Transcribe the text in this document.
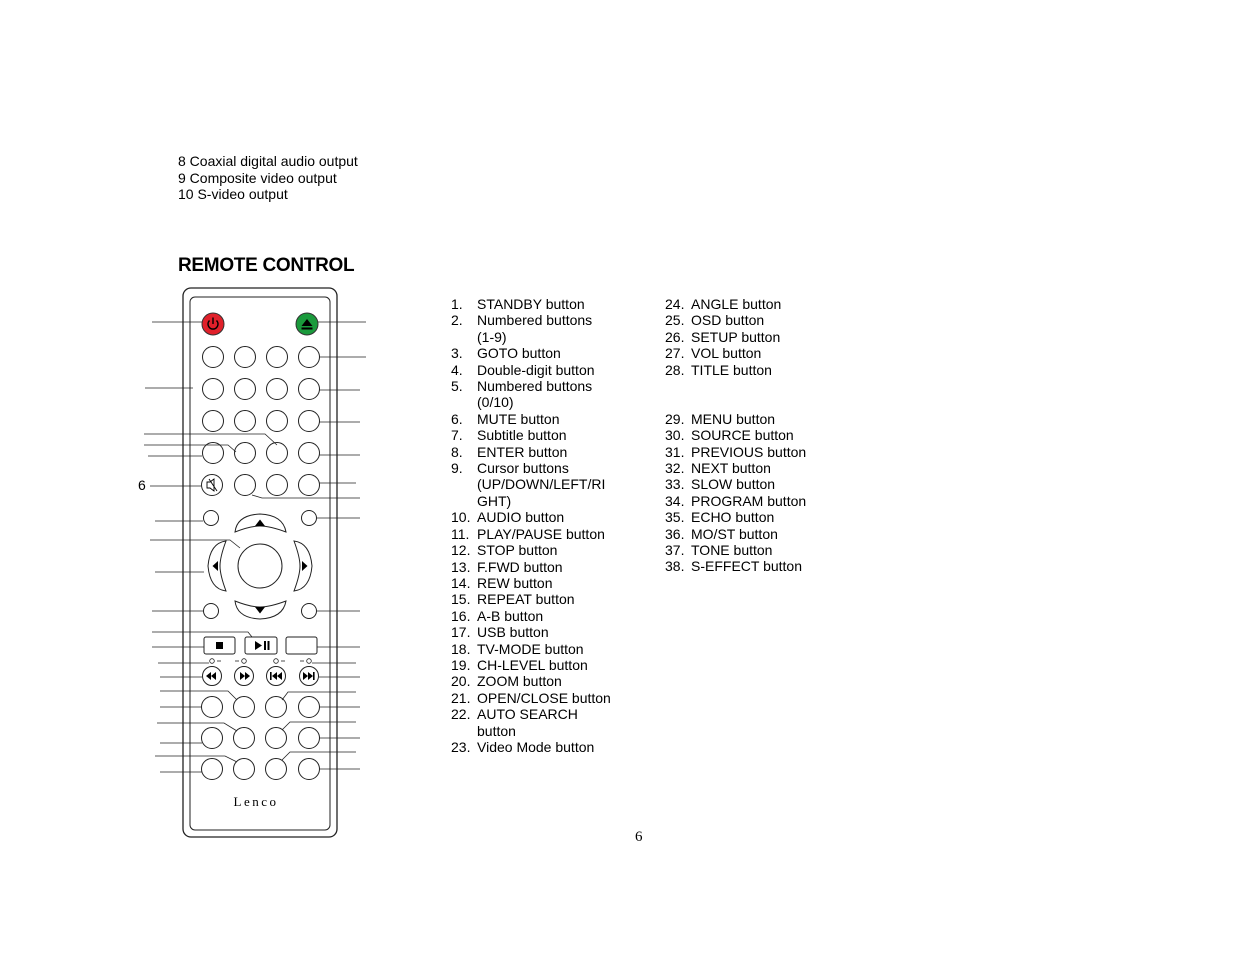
8 Coaxial digital audio output
9 Composite video output
10 S-video output
REMOTE CONTROL
Lenco
6
1. STANDBY button
2. Numbered buttons
(1-9)
3. GOTO button
4. Double-digit button
5. Numbered buttons
(0/10)
6. MUTE button
7. Subtitle button
8. ENTER button
9. Cursor buttons
(UP/DOWN/LEFT/RI
GHT)
10. AUDIO button
11. PLAY/PAUSE button
12. STOP button
13. F.FWD button
14. REW button
15. REPEAT button
16. A-B button
17. USB button
18. TV-MODE button
19. CH-LEVEL button
20. ZOOM button
21. OPEN/CLOSE button
22. AUTO SEARCH
button
23. Video Mode button
24. ANGLE button
25. OSD button
26. SETUP button
27. VOL button
28. TITLE button
29. MENU button
30. SOURCE button
31. PREVIOUS button
32. NEXT button
33. SLOW button
34. PROGRAM button
35. ECHO button
36. MO/ST button
37. TONE button
38. S-EFFECT button
6
